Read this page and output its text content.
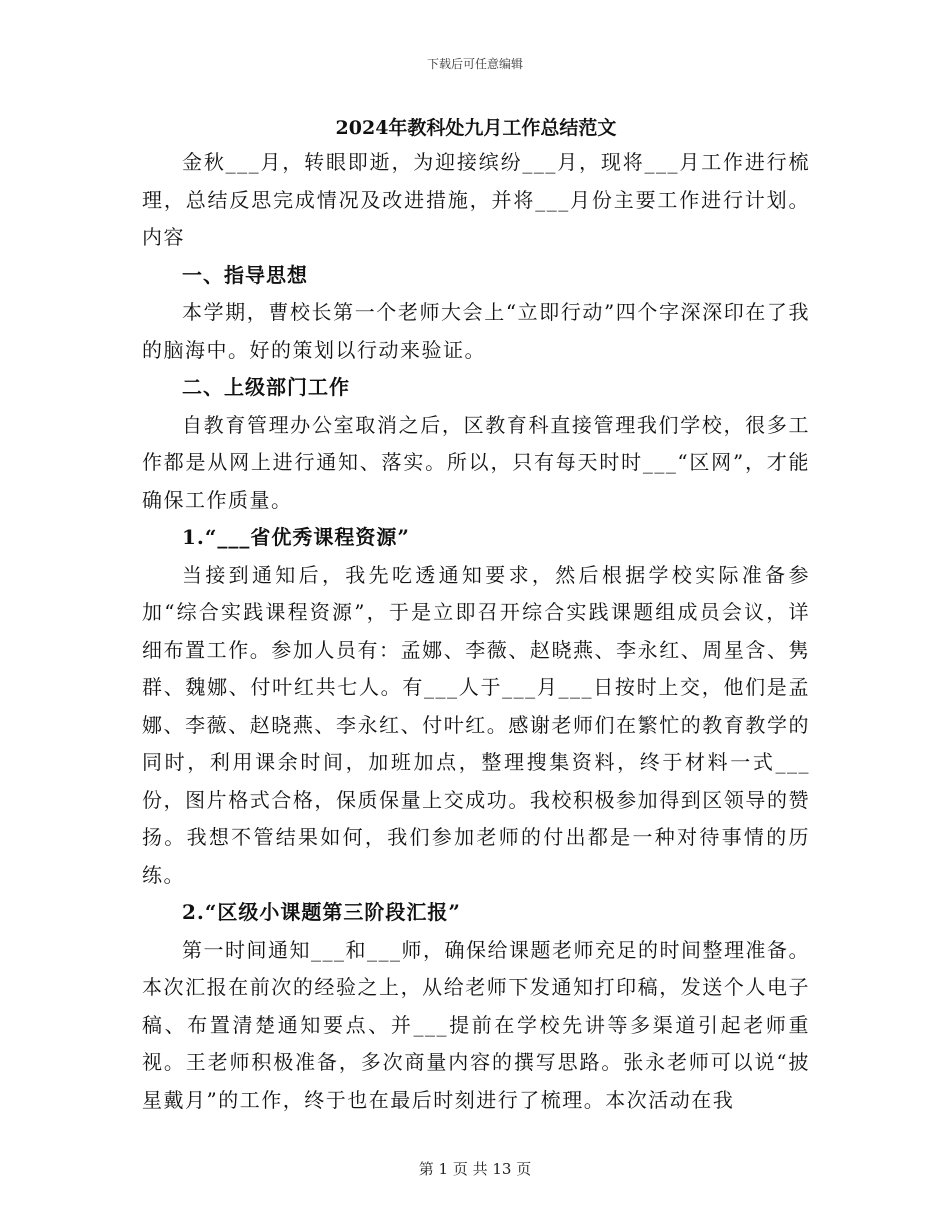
下载后可任意编辑
2024年教科处九月工作总结范文

金秋___月，转眼即逝，为迎接缤纷___月，现将___月工作进行梳理，总结反思完成情况及改进措施，并将___月份主要工作进行计划。内容

一、指导思想

本学期，曹校长第一个老师大会上“立即行动”四个字深深印在了我的脑海中。好的策划以行动来验证。

二、上级部门工作

自教育管理办公室取消之后，区教育科直接管理我们学校，很多工作都是从网上进行通知、落实。所以，只有每天时时___“区网”，才能确保工作质量。

1.“___省优秀课程资源”

当接到通知后，我先吃透通知要求，然后根据学校实际准备参加“综合实践课程资源”，于是立即召开综合实践课题组成员会议，详细布置工作。参加人员有：孟娜、李薇、赵晓燕、李永红、周星含、隽群、魏娜、付叶红共七人。有___人于___月___日按时上交，他们是孟娜、李薇、赵晓燕、李永红、付叶红。感谢老师们在繁忙的教育教学的同时，利用课余时间，加班加点，整理搜集资料，终于材料一式___份，图片格式合格，保质保量上交成功。我校积极参加得到区领导的赞扬。我想不管结果如何，我们参加老师的付出都是一种对待事情的历练。

2.“区级小课题第三阶段汇报”

第一时间通知___和___师，确保给课题老师充足的时间整理准备。本次汇报在前次的经验之上，从给老师下发通知打印稿，发送个人电子稿、布置清楚通知要点、并___提前在学校先讲等多渠道引起老师重视。王老师积极准备，多次商量内容的撰写思路。张永老师可以说“披星戴月”的工作，终于也在最后时刻进行了梳理。本次活动在我

第 1 页 共 13 页
